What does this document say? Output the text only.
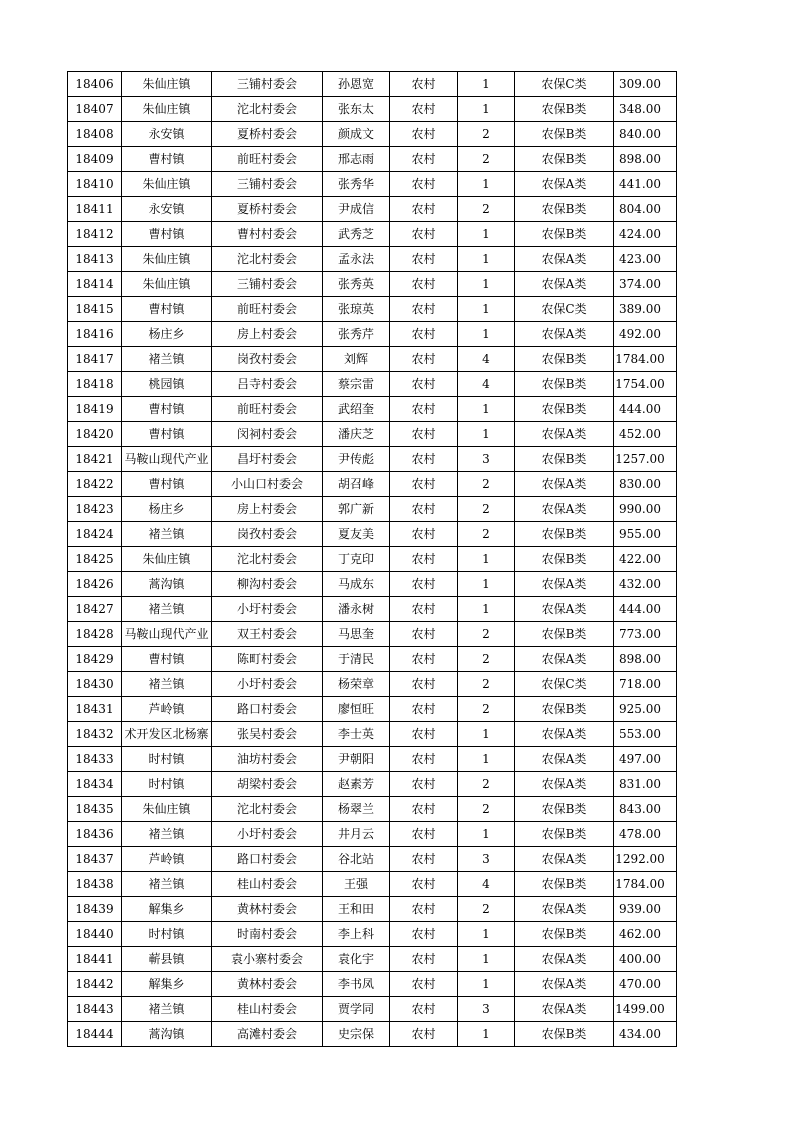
18406	朱仙庄镇	三铺村委会	孙恩宽	农村	1	农保C类	309.00
18407	朱仙庄镇	沱北村委会	张东太	农村	1	农保B类	348.00
18408	永安镇	夏桥村委会	颜成文	农村	2	农保B类	840.00
18409	曹村镇	前旺村委会	邢志雨	农村	2	农保B类	898.00
18410	朱仙庄镇	三铺村委会	张秀华	农村	1	农保A类	441.00
18411	永安镇	夏桥村委会	尹成信	农村	2	农保B类	804.00
18412	曹村镇	曹村村委会	武秀芝	农村	1	农保B类	424.00
18413	朱仙庄镇	沱北村委会	孟永法	农村	1	农保A类	423.00
18414	朱仙庄镇	三铺村委会	张秀英	农村	1	农保A类	374.00
18415	曹村镇	前旺村委会	张琼英	农村	1	农保C类	389.00
18416	杨庄乡	房上村委会	张秀芹	农村	1	农保A类	492.00
18417	褚兰镇	岗孜村委会	刘辉	农村	4	农保B类	1784.00
18418	桃园镇	吕寺村委会	蔡宗雷	农村	4	农保B类	1754.00
18419	曹村镇	前旺村委会	武绍奎	农村	1	农保B类	444.00
18420	曹村镇	闵祠村委会	潘庆芝	农村	1	农保A类	452.00
18421	马鞍山现代产业	昌圩村委会	尹传彪	农村	3	农保B类	1257.00
18422	曹村镇	小山口村委会	胡召峰	农村	2	农保A类	830.00
18423	杨庄乡	房上村委会	郭广新	农村	2	农保A类	990.00
18424	褚兰镇	岗孜村委会	夏友美	农村	2	农保B类	955.00
18425	朱仙庄镇	沱北村委会	丁克印	农村	1	农保B类	422.00
18426	蒿沟镇	柳沟村委会	马成东	农村	1	农保A类	432.00
18427	褚兰镇	小圩村委会	潘永树	农村	1	农保A类	444.00
18428	马鞍山现代产业	双王村委会	马思奎	农村	2	农保B类	773.00
18429	曹村镇	陈町村委会	于清民	农村	2	农保A类	898.00
18430	褚兰镇	小圩村委会	杨荣章	农村	2	农保C类	718.00
18431	芦岭镇	路口村委会	廖恒旺	农村	2	农保B类	925.00
18432	术开发区北杨寨	张吴村委会	李士英	农村	1	农保A类	553.00
18433	时村镇	油坊村委会	尹朝阳	农村	1	农保A类	497.00
18434	时村镇	胡梁村委会	赵素芳	农村	2	农保A类	831.00
18435	朱仙庄镇	沱北村委会	杨翠兰	农村	2	农保B类	843.00
18436	褚兰镇	小圩村委会	井月云	农村	1	农保B类	478.00
18437	芦岭镇	路口村委会	谷北站	农村	3	农保A类	1292.00
18438	褚兰镇	桂山村委会	王强	农村	4	农保B类	1784.00
18439	解集乡	黄林村委会	王和田	农村	2	农保A类	939.00
18440	时村镇	时南村委会	李上科	农村	1	农保B类	462.00
18441	蕲县镇	袁小寨村委会	袁化宇	农村	1	农保A类	400.00
18442	解集乡	黄林村委会	李书凤	农村	1	农保A类	470.00
18443	褚兰镇	桂山村委会	贾学同	农村	3	农保A类	1499.00
18444	蒿沟镇	高滩村委会	史宗保	农村	1	农保B类	434.00
